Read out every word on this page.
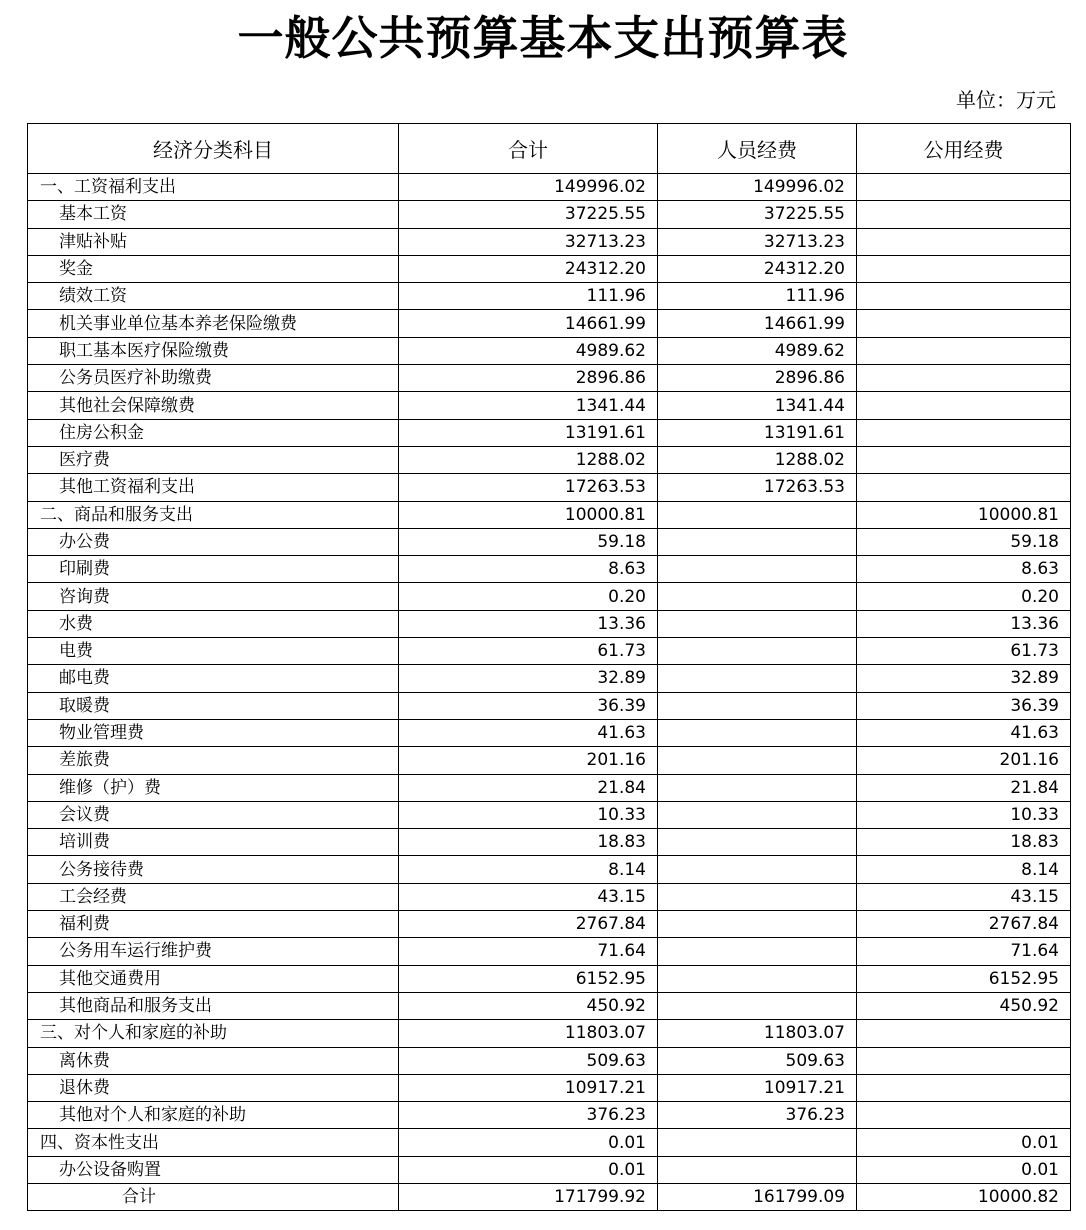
一般公共预算基本支出预算表
单位：万元
经济分类科目	合计	人员经费	公用经费
一、工资福利支出	149996.02	149996.02	
基本工资	37225.55	37225.55	
津贴补贴	32713.23	32713.23	
奖金	24312.20	24312.20	
绩效工资	111.96	111.96	
机关事业单位基本养老保险缴费	14661.99	14661.99	
职工基本医疗保险缴费	4989.62	4989.62	
公务员医疗补助缴费	2896.86	2896.86	
其他社会保障缴费	1341.44	1341.44	
住房公积金	13191.61	13191.61	
医疗费	1288.02	1288.02	
其他工资福利支出	17263.53	17263.53	
二、商品和服务支出	10000.81		10000.81
办公费	59.18		59.18
印刷费	8.63		8.63
咨询费	0.20		0.20
水费	13.36		13.36
电费	61.73		61.73
邮电费	32.89		32.89
取暖费	36.39		36.39
物业管理费	41.63		41.63
差旅费	201.16		201.16
维修（护）费	21.84		21.84
会议费	10.33		10.33
培训费	18.83		18.83
公务接待费	8.14		8.14
工会经费	43.15		43.15
福利费	2767.84		2767.84
公务用车运行维护费	71.64		71.64
其他交通费用	6152.95		6152.95
其他商品和服务支出	450.92		450.92
三、对个人和家庭的补助	11803.07	11803.07	
离休费	509.63	509.63	
退休费	10917.21	10917.21	
其他对个人和家庭的补助	376.23	376.23	
四、资本性支出	0.01		0.01
办公设备购置	0.01		0.01
合计	171799.92	161799.09	10000.82
